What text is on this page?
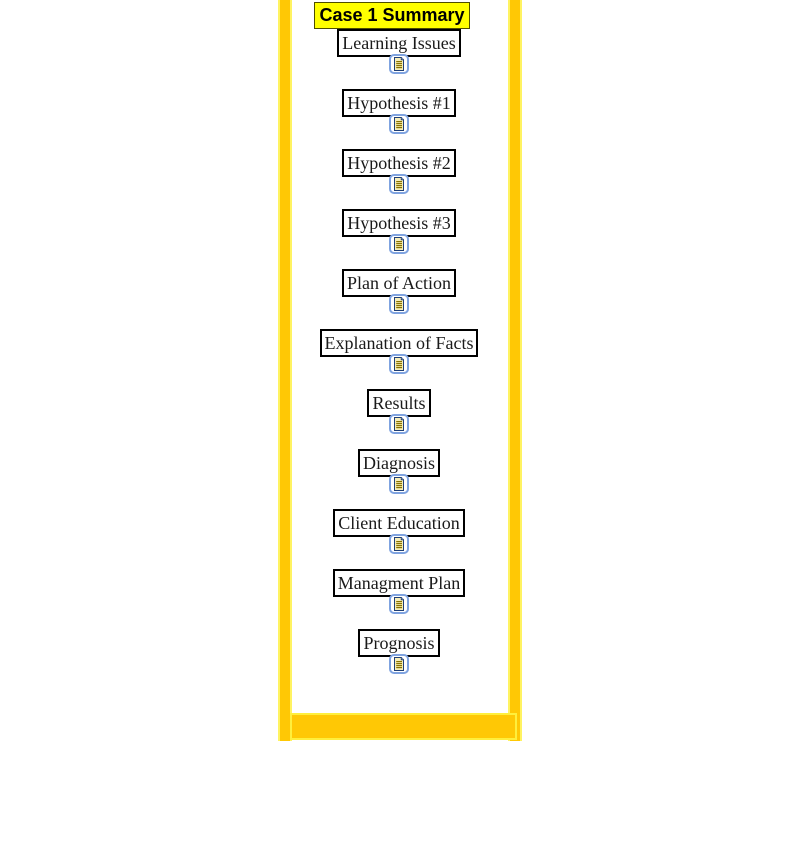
Case 1 Summary
Learning Issues
Hypothesis #1
Hypothesis #2
Hypothesis #3
Plan of Action
Explanation of Facts
Results
Diagnosis
Client Education
Managment Plan
Prognosis
